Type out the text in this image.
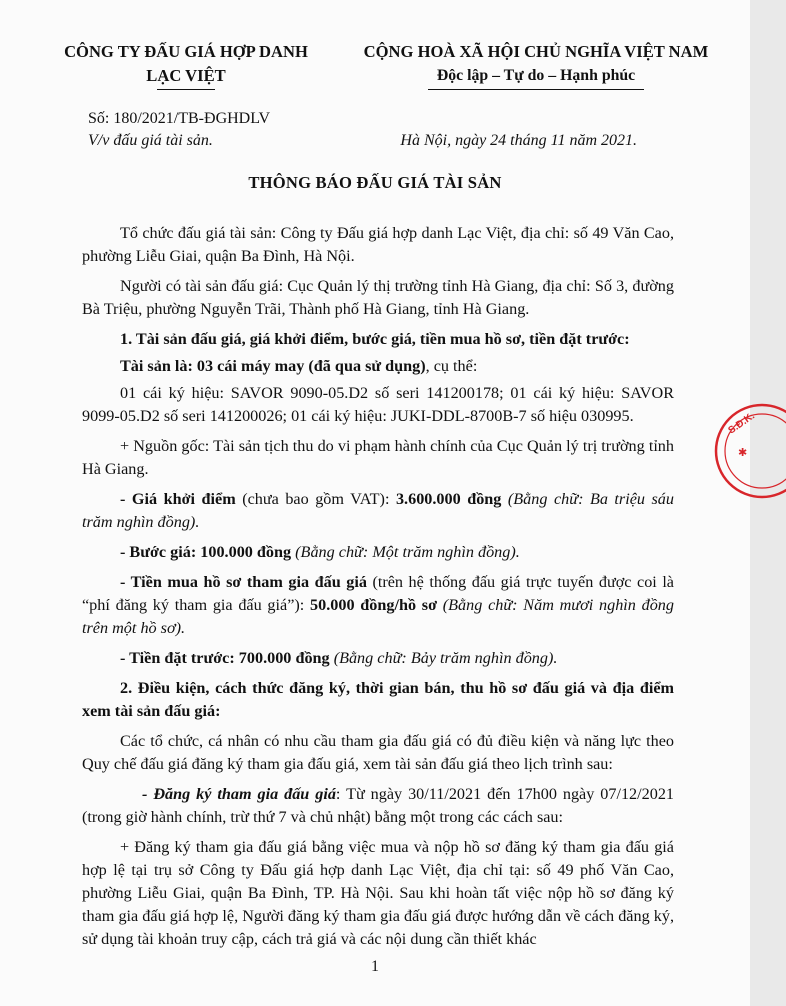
CÔNG TY ĐẤU GIÁ HỢP DANH
LẠC VIỆT
CỘNG HOÀ XÃ HỘI CHỦ NGHĨA VIỆT NAM
Độc lập – Tự do – Hạnh phúc
Số: 180/2021/TB-ĐGHDLV
V/v đấu giá tài sản.	Hà Nội, ngày 24 tháng 11 năm 2021.
THÔNG BÁO ĐẤU GIÁ TÀI SẢN

Tổ chức đấu giá tài sản: Công ty Đấu giá hợp danh Lạc Việt, địa chỉ: số 49 Văn Cao, phường Liễu Giai, quận Ba Đình, Hà Nội.

Người có tài sản đấu giá: Cục Quản lý thị trường tỉnh Hà Giang, địa chỉ: Số 3, đường Bà Triệu, phường Nguyễn Trãi, Thành phố Hà Giang, tỉnh Hà Giang.

1. Tài sản đấu giá, giá khởi điểm, bước giá, tiền mua hồ sơ, tiền đặt trước:

Tài sản là: 03 cái máy may (đã qua sử dụng), cụ thể:

01 cái ký hiệu: SAVOR 9090-05.D2 số seri 141200178; 01 cái ký hiệu: SAVOR 9099-05.D2 số seri 141200026; 01 cái ký hiệu: JUKI-DDL-8700B-7 số hiệu 030995.

+ Nguồn gốc: Tài sản tịch thu do vi phạm hành chính của Cục Quản lý trị trường tỉnh Hà Giang.

- Giá khởi điểm (chưa bao gồm VAT): 3.600.000 đồng (Bằng chữ: Ba triệu sáu trăm nghìn đồng).

- Bước giá: 100.000 đồng (Bằng chữ: Một trăm nghìn đồng).

- Tiền mua hồ sơ tham gia đấu giá (trên hệ thống đấu giá trực tuyến được coi là “phí đăng ký tham gia đấu giá”): 50.000 đồng/hồ sơ (Bằng chữ: Năm mươi nghìn đồng trên một hồ sơ).

- Tiền đặt trước: 700.000 đồng (Bằng chữ: Bảy trăm nghìn đồng).

2. Điều kiện, cách thức đăng ký, thời gian bán, thu hồ sơ đấu giá và địa điểm xem tài sản đấu giá:

Các tổ chức, cá nhân có nhu cầu tham gia đấu giá có đủ điều kiện và năng lực theo Quy chế đấu giá đăng ký tham gia đấu giá, xem tài sản đấu giá theo lịch trình sau:

- Đăng ký tham gia đấu giá: Từ ngày 30/11/2021 đến 17h00 ngày 07/12/2021 (trong giờ hành chính, trừ thứ 7 và chủ nhật) bằng một trong các cách sau:

+ Đăng ký tham gia đấu giá bằng việc mua và nộp hồ sơ đăng ký tham gia đấu giá hợp lệ tại trụ sở Công ty Đấu giá hợp danh Lạc Việt, địa chỉ tại: số 49 phố Văn Cao, phường Liễu Giai, quận Ba Đình, TP. Hà Nội. Sau khi hoàn tất việc nộp hồ sơ đăng ký tham gia đấu giá hợp lệ, Người đăng ký tham gia đấu giá được hướng dẫn về cách đăng ký, sử dụng tài khoản truy cập, cách trả giá và các nội dung cần thiết khác

1
S.Đ.K.
✱
